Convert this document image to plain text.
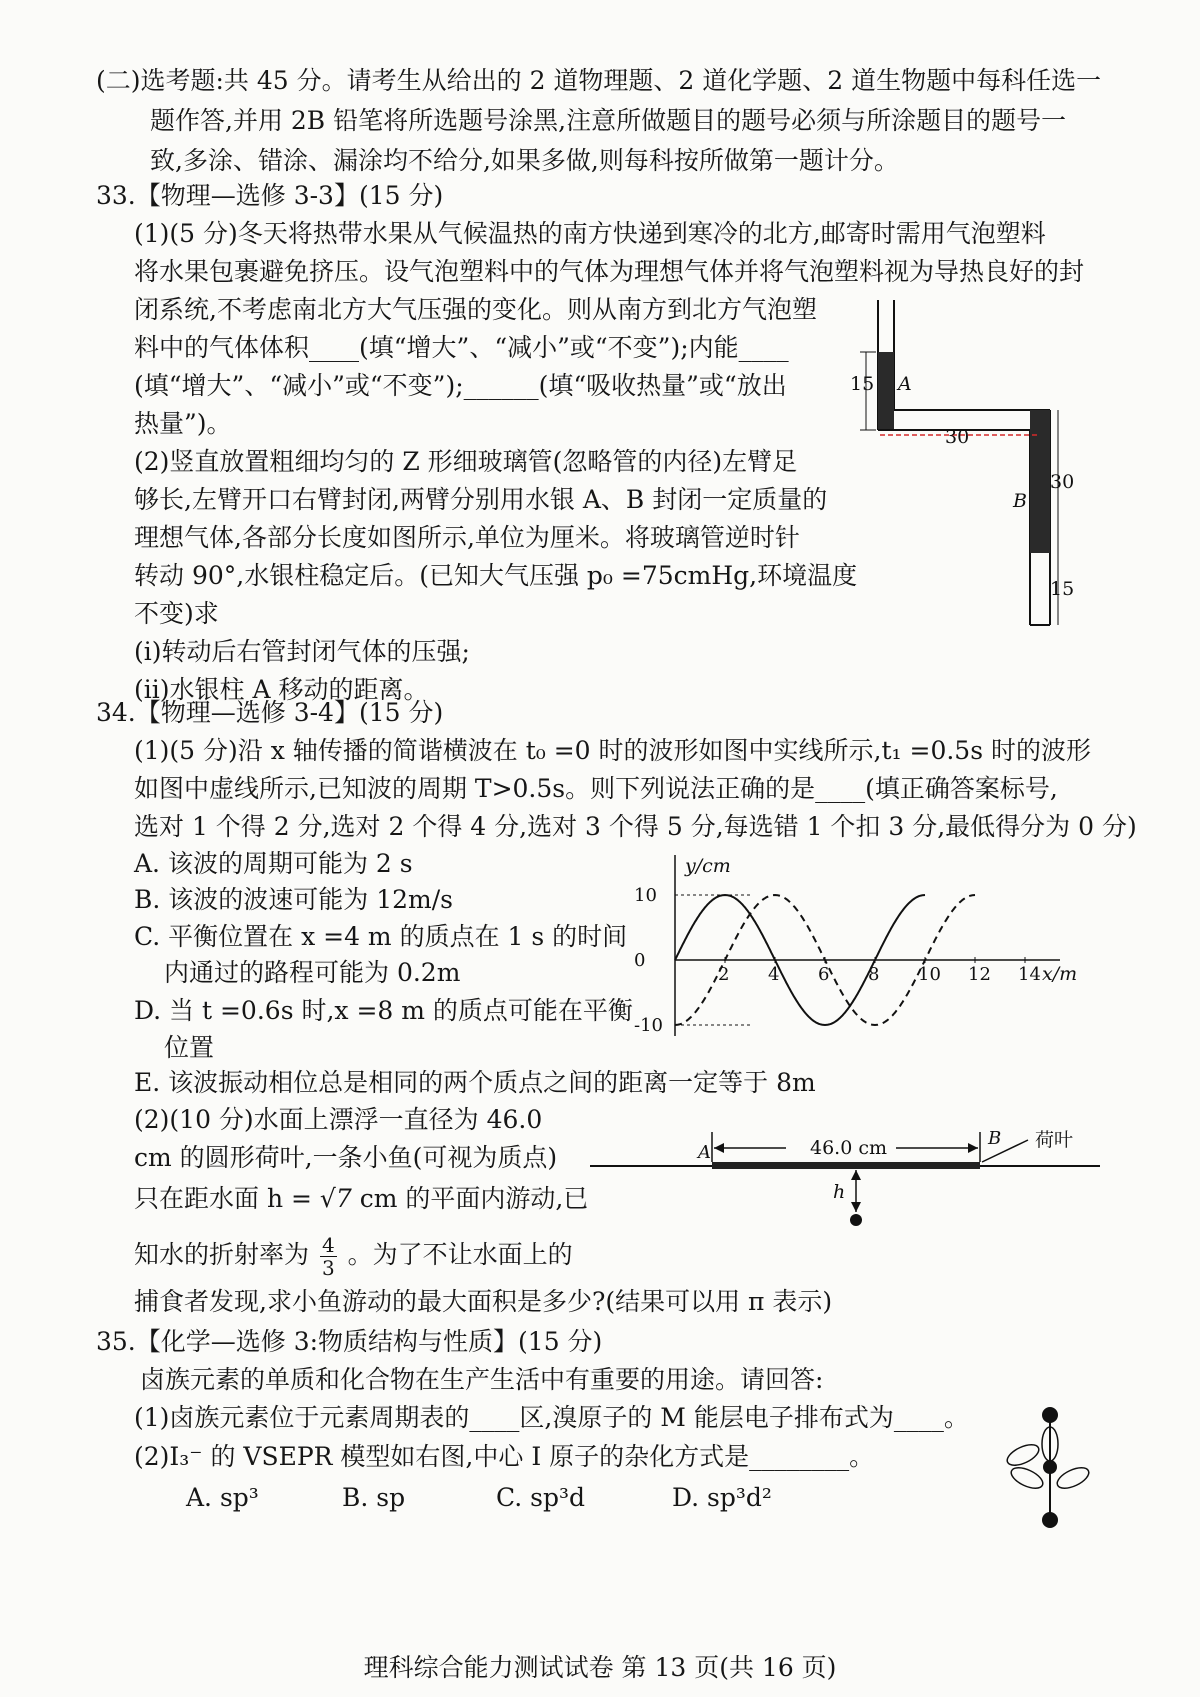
(二)选考题:共 45 分。请考生从给出的 2 道物理题、2 道化学题、2 道生物题中每科任选一
题作答,并用 2B 铅笔将所选题号涂黑,注意所做题目的题号必须与所涂题目的题号一
致,多涂、错涂、漏涂均不给分,如果多做,则每科按所做第一题计分。
33.【物理—选修 3-3】(15 分)
(1)(5 分)冬天将热带水果从气候温热的南方快递到寒冷的北方,邮寄时需用气泡塑料
将水果包裹避免挤压。设气泡塑料中的气体为理想气体并将气泡塑料视为导热良好的封
闭系统,不考虑南北方大气压强的变化。则从南方到北方气泡塑
料中的气体体积____(填“增大”、“减小”或“不变”);内能____
(填“增大”、“减小”或“不变”);______(填“吸收热量”或“放出
热量”)。
(2)竖直放置粗细均匀的 Z 形细玻璃管(忽略管的内径)左臂足
够长,左臂开口右臂封闭,两臂分别用水银 A、B 封闭一定质量的
理想气体,各部分长度如图所示,单位为厘米。将玻璃管逆时针
转动 90°,水银柱稳定后。(已知大气压强 p₀ =75cmHg,环境温度
不变)求
(ⅰ)转动后右管封闭气体的压强;
(ⅱ)水银柱 A 移动的距离。
15 A
30
30
B
15
34.【物理—选修 3-4】(15 分)
(1)(5 分)沿 x 轴传播的简谐横波在 t₀ =0 时的波形如图中实线所示,t₁ =0.5s 时的波形
如图中虚线所示,已知波的周期 T>0.5s。则下列说法正确的是____(填正确答案标号,
选对 1 个得 2 分,选对 2 个得 4 分,选对 3 个得 5 分,每选错 1 个扣 3 分,最低得分为 0 分)
A. 该波的周期可能为 2 s
B. 该波的波速可能为 12m/s
C. 平衡位置在 x =4 m 的质点在 1 s 的时间
内通过的路程可能为 0.2m
D. 当 t =0.6s 时,x =8 m 的质点可能在平衡
位置
E. 该波振动相位总是相同的两个质点之间的距离一定等于 8m
y/cm
x/m
2 4 6 8 10 12 14
10
0
-10
(2)(10 分)水面上漂浮一直径为 46.0
cm 的圆形荷叶,一条小鱼(可视为质点)
只在距水面 h = √7 cm 的平面内游动,已
知水的折射率为 $\frac{4}{3}$ 。为了不让水面上的
捕食者发现,求小鱼游动的最大面积是多少?(结果可以用 π 表示)
A	46.0 cm	B 荷叶
h
35.【化学—选修 3:物质结构与性质】(15 分)
卤族元素的单质和化合物在生产生活中有重要的用途。请回答:
(1)卤族元素位于元素周期表的____区,溴原子的 M 能层电子排布式为____。
(2)I₃⁻ 的 VSEPR 模型如右图,中心 I 原子的杂化方式是________。
A. sp³	B. sp	C. sp³d	D. sp³d²
理科综合能力测试试卷 第 13 页(共 16 页)
